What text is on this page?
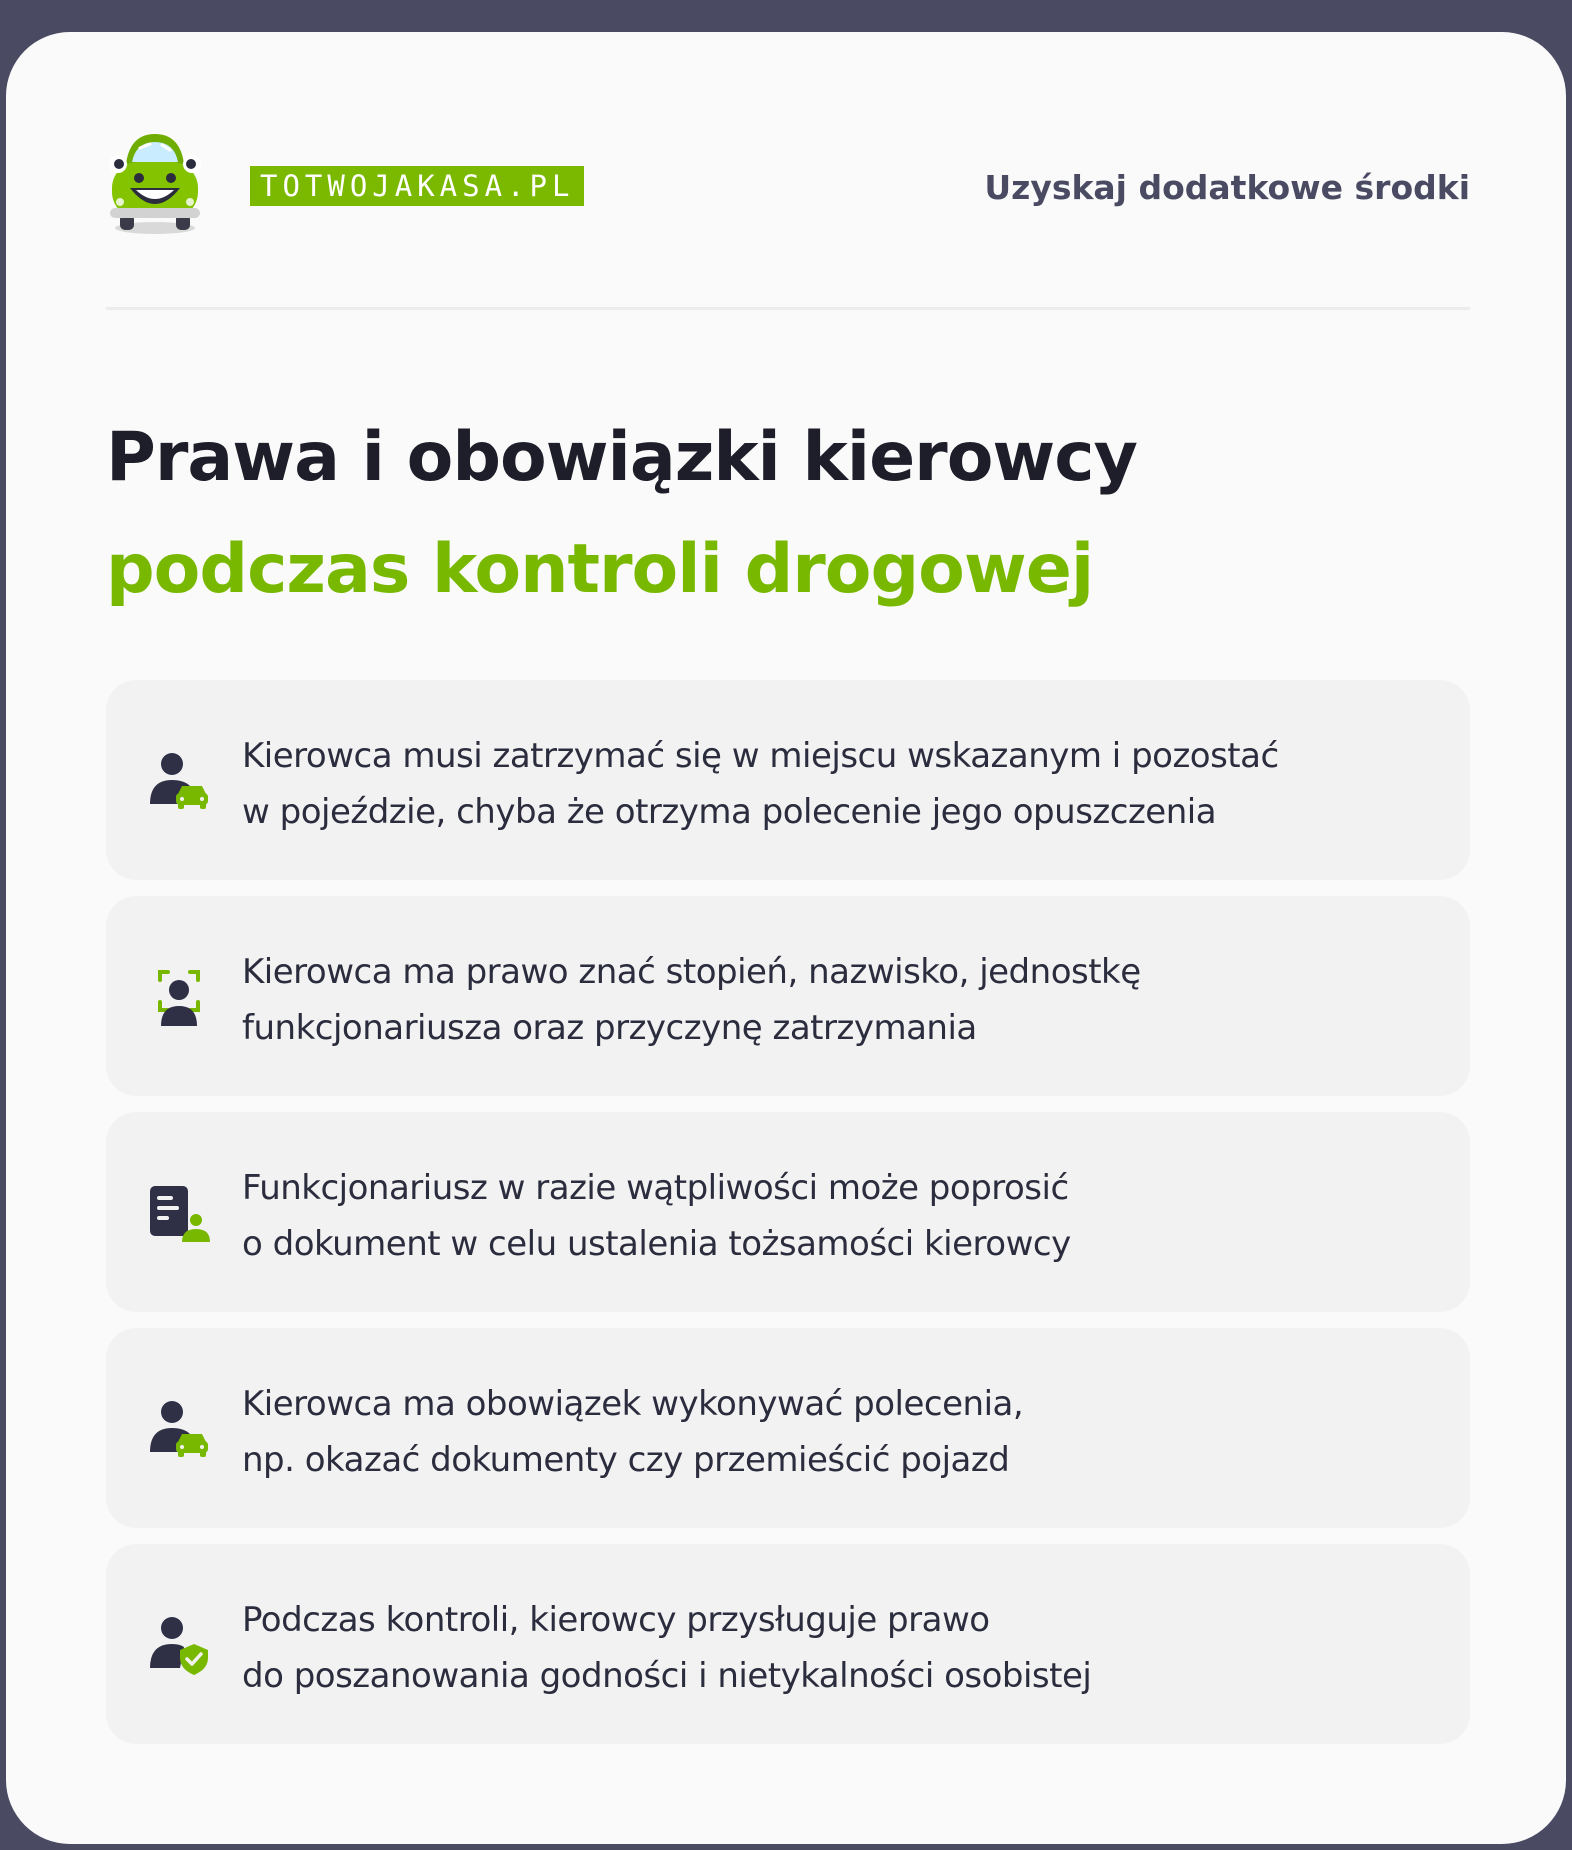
TOTWOJAKASA.PL	Uzyskaj dodatkowe środki
Prawa i obowiązki kierowcy
podczas kontroli drogowej
Kierowca musi zatrzymać się w miejscu wskazanym i pozostać
w pojeździe, chyba że otrzyma polecenie jego opuszczenia
Kierowca ma prawo znać stopień, nazwisko, jednostkę
funkcjonariusza oraz przyczynę zatrzymania
Funkcjonariusz w razie wątpliwości może poprosić
o dokument w celu ustalenia tożsamości kierowcy
Kierowca ma obowiązek wykonywać polecenia,
np. okazać dokumenty czy przemieścić pojazd
Podczas kontroli, kierowcy przysługuje prawo
do poszanowania godności i nietykalności osobistej
